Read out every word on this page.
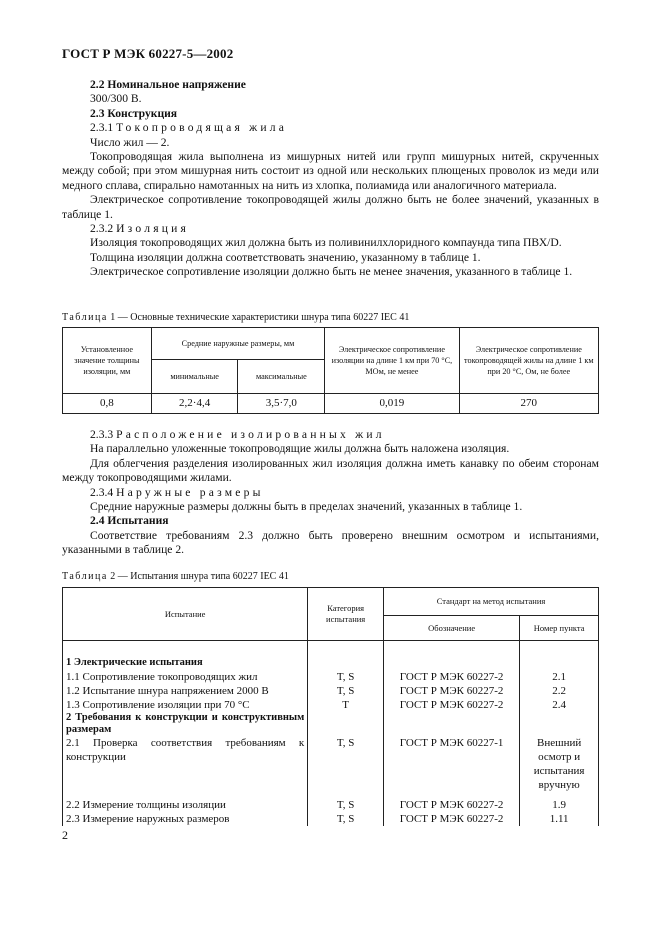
ГОСТ Р МЭК 60227-5—2002

2.2 Номинальное напряжение

300/300 В.

2.3 Конструкция

2.3.1 Токопроводящая жила

Число жил — 2.

Токопроводящая жила выполнена из мишурных нитей или групп мишурных нитей, скрученных между собой; при этом мишурная нить состоит из одной или нескольких плющеных проволок из меди или медного сплава, спирально намотанных на нить из хлопка, полиамида или аналогичного материала.

Электрическое сопротивление токопроводящей жилы должно быть не более значений, указанных в таблице 1.

2.3.2 Изоляция

Изоляция токопроводящих жил должна быть из поливинилхлоридного компаунда типа ПВХ/D.

Толщина изоляции должна соответствовать значению, указанному в таблице 1.

Электрическое сопротивление изоляции должно быть не менее значения, указанного в таблице 1.

Таблица 1 — Основные технические характеристики шнура типа 60227 IEC 41
Установленное значение толщины изоляции, мм	Средние наружные размеры, мм		Электрическое сопротивление изоляции на длине 1 км при 70 °С, МОм, не менее	Электрическое сопротивление токопроводящей жилы на длине 1 км при 20 °С, Ом, не более
	минимальные	максимальные		
0,8	2,2·4,4	3,5·7,0	0,019	270

2.3.3 Расположение изолированных жил

На параллельно уложенные токопроводящие жилы должна быть наложена изоляция.

Для облегчения разделения изолированных жил изоляция должна иметь канавку по обеим сторонам между токопроводящими жилами.

2.3.4 Наружные размеры

Средние наружные размеры должны быть в пределах значений, указанных в таблице 1.

2.4 Испытания

Соответствие требованиям 2.3 должно быть проверено внешним осмотром и испытаниями, указанными в таблице 2.

Таблица 2 — Испытания шнура типа 60227 IEC 41
Испытание	Категория испытания	Стандарт на метод испытания	
		Обозначение	Номер пункта

1 Электрические испытания			
1.1 Сопротивление токопроводящих жил	T, S	ГОСТ Р МЭК 60227-2	2.1
1.2 Испытание шнура напряжением 2000 В	T, S	ГОСТ Р МЭК 60227-2	2.2
1.3 Сопротивление изоляции при 70 °С	T	ГОСТ Р МЭК 60227-2	2.4

2 Требования к конструкции и конструктивным размерам			

2.1 Проверка соответствия требованиям к
конструкции	T, S	ГОСТ Р МЭК 60227-1	Внешний осмотр и испытания вручную
2.2 Измерение толщины изоляции	T, S	ГОСТ Р МЭК 60227-2	1.9
2.3 Измерение наружных размеров	T, S	ГОСТ Р МЭК 60227-2	1.11
2
